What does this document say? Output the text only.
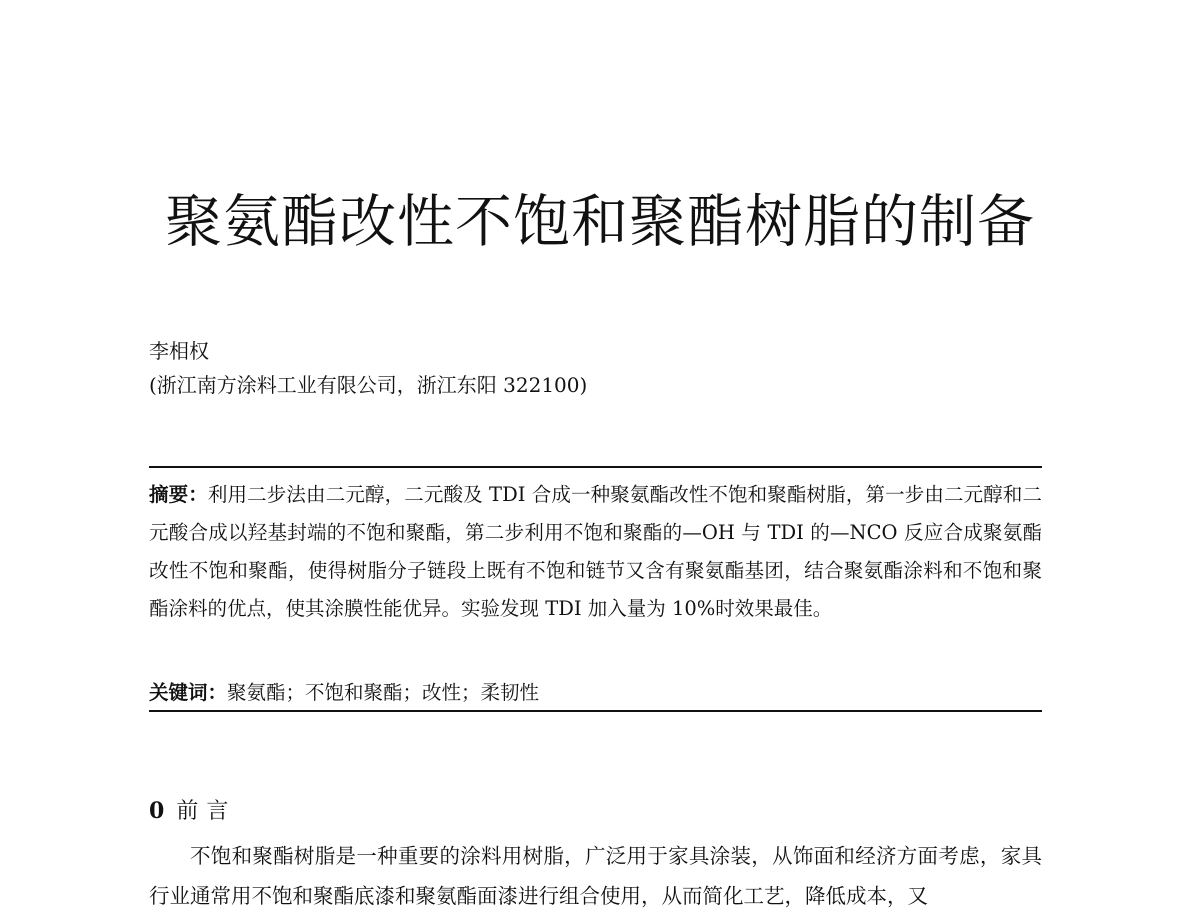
聚氨酯改性不饱和聚酯树脂的制备
李相权
(浙江南方涂料工业有限公司，浙江东阳 322100)
摘要：利用二步法由二元醇，二元酸及 TDI 合成一种聚氨酯改性不饱和聚酯树脂，第一步由二元醇和二元酸合成以羟基封端的不饱和聚酯，第二步利用不饱和聚酯的—OH 与 TDI 的—NCO 反应合成聚氨酯改性不饱和聚酯，使得树脂分子链段上既有不饱和链节又含有聚氨酯基团，结合聚氨酯涂料和不饱和聚酯涂料的优点，使其涂膜性能优异。实验发现 TDI 加入量为 10%时效果最佳。
关键词：聚氨酯；不饱和聚酯；改性；柔韧性
0 前言
不饱和聚酯树脂是一种重要的涂料用树脂，广泛用于家具涂装，从饰面和经济方面考虑，家具行业通常用不饱和聚酯底漆和聚氨酯面漆进行组合使用，从而简化工艺，降低成本，又
